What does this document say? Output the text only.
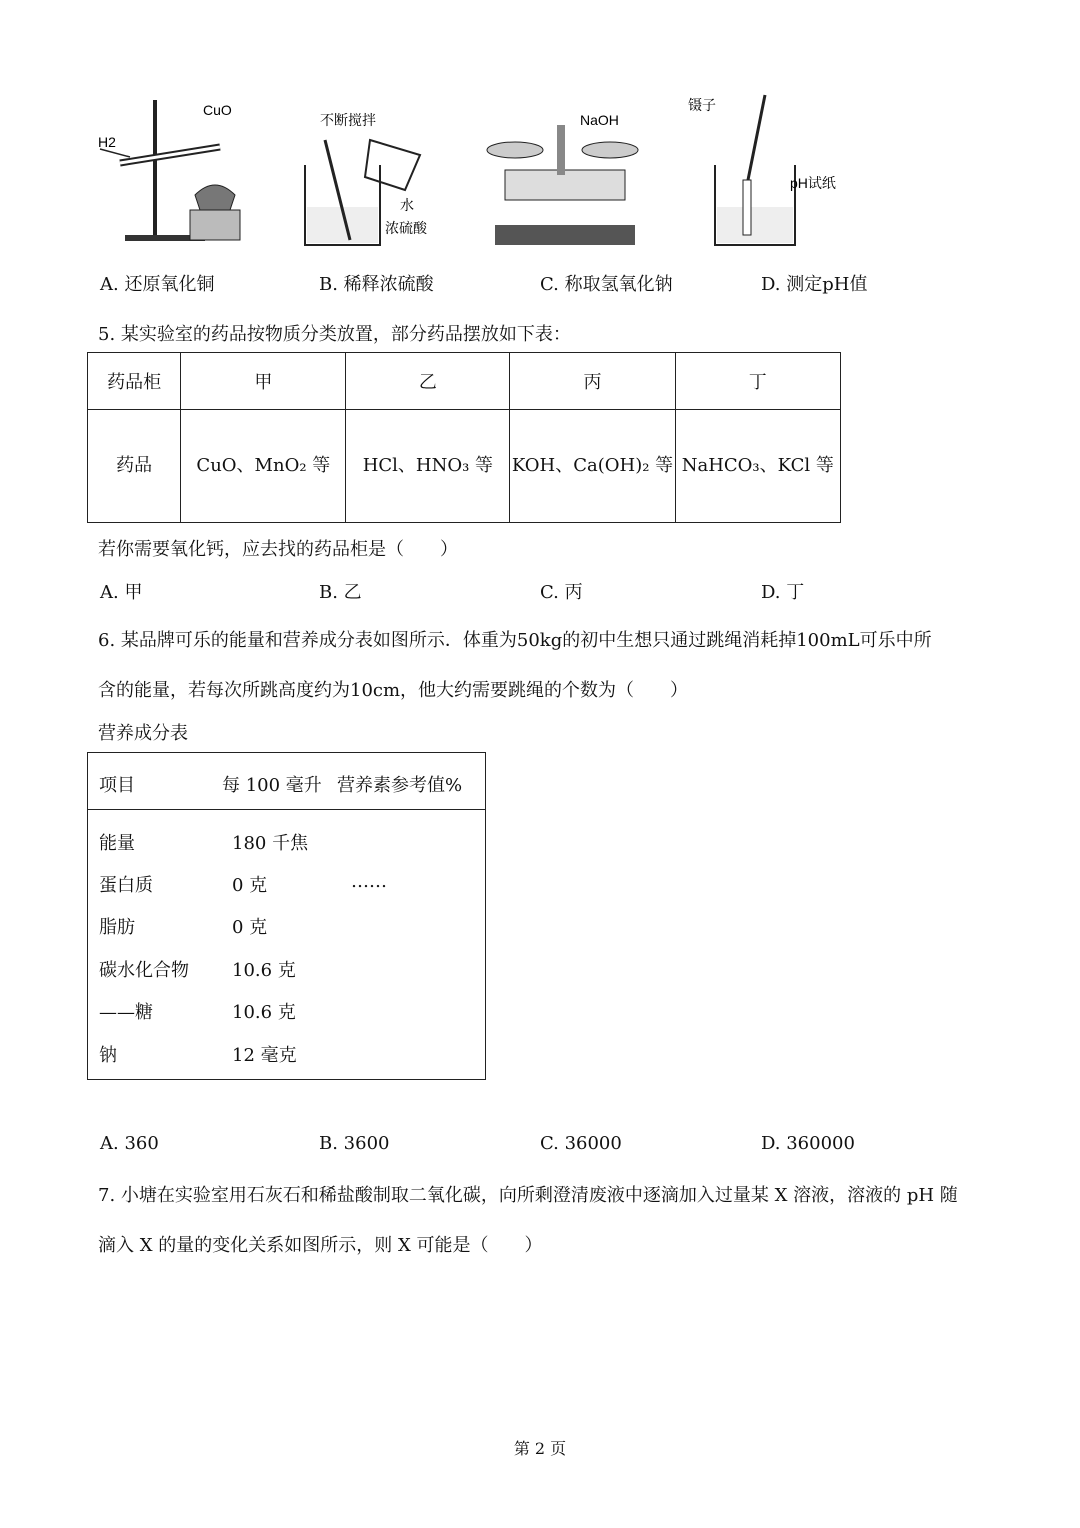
CuO
H2
不断搅拌
水
浓硫酸
NaOH
镊子
pH试纸
A. 还原氧化铜	B. 稀释浓硫酸	C. 称取氢氧化钠	D. 测定pH值
5. 某实验室的药品按物质分类放置，部分药品摆放如下表：
药品柜	甲	乙	丙	丁
药品	CuO、MnO₂ 等	HCl、HNO₃ 等	KOH、Ca(OH)₂ 等	NaHCO₃、KCl 等
若你需要氧化钙，应去找的药品柜是（　　）
A. 甲	B. 乙	C. 丙	D. 丁
6. 某品牌可乐的能量和营养成分表如图所示．体重为50kg的初中生想只通过跳绳消耗掉100mL可乐中所
含的能量，若每次所跳高度约为10cm，他大约需要跳绳的个数为（　　）
营养成分表
项目	每 100 毫升 营养素参考值%
能量	180 千焦
蛋白质	0 克	……
脂肪	0 克
碳水化合物 10.6 克
——糖	10.6 克
钠	12 毫克
A. 360	B. 3600	C. 36000	D. 360000
7. 小塘在实验室用石灰石和稀盐酸制取二氧化碳，向所剩澄清废液中逐滴加入过量某 X 溶液，溶液的 pH 随
滴入 X 的量的变化关系如图所示，则 X 可能是（　　）
第 2 页
